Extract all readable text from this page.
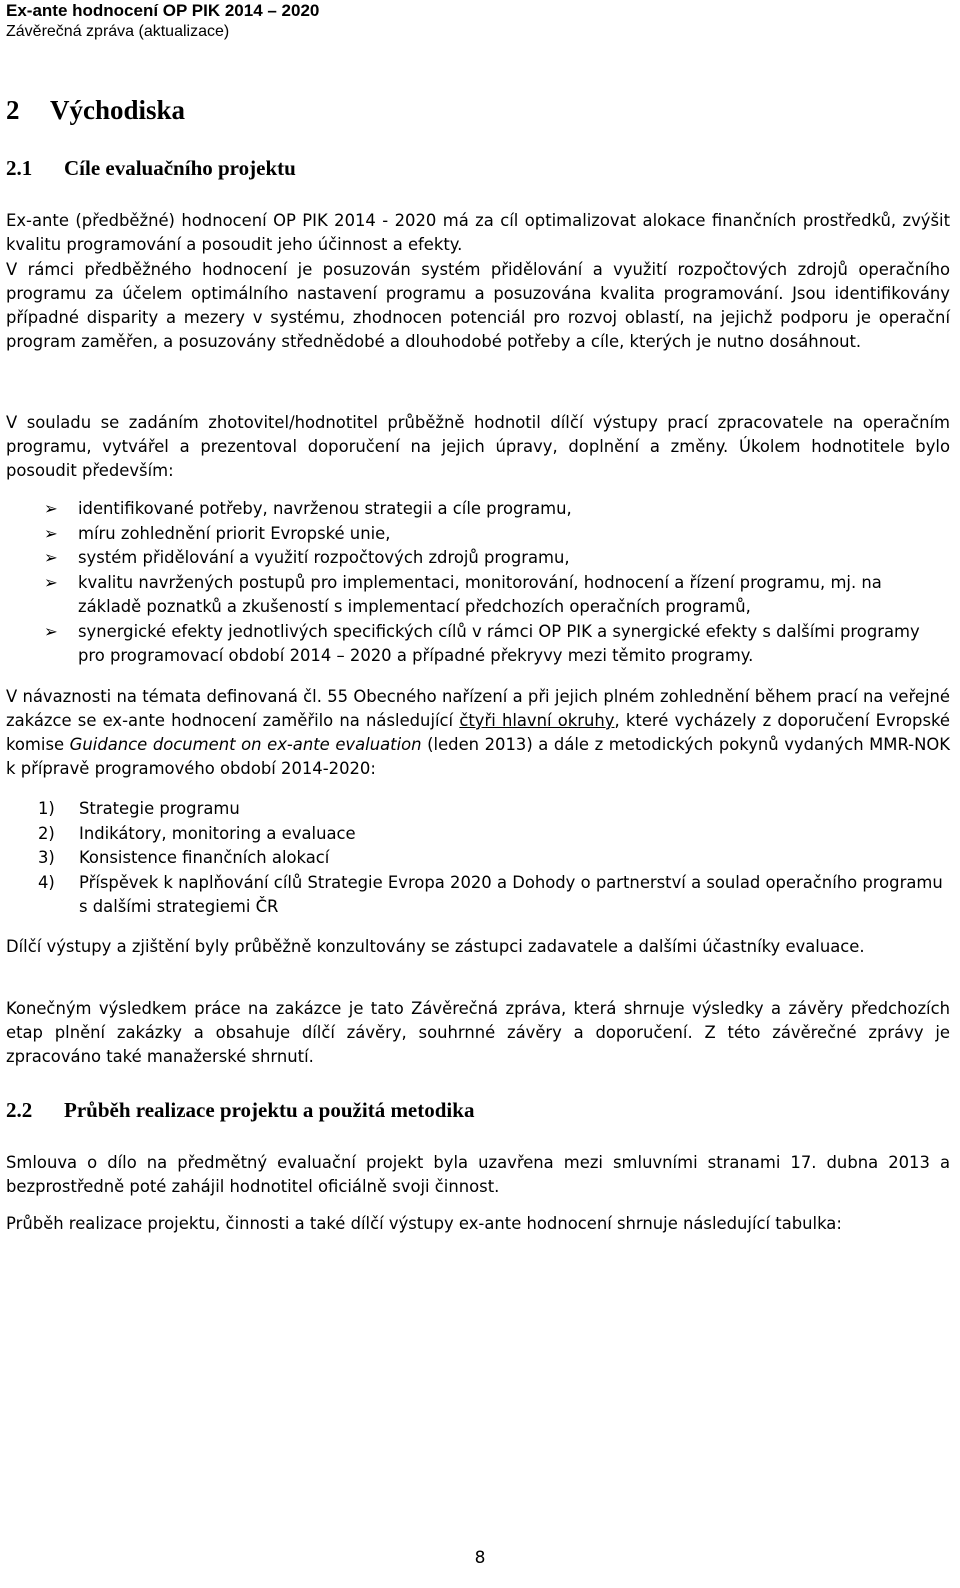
Ex-ante hodnocení OP PIK 2014 – 2020
Závěrečná zpráva (aktualizace)
2 Východiska
2.1 Cíle evaluačního projektu

Ex-ante (předběžné) hodnocení OP PIK 2014 - 2020 má za cíl optimalizovat alokace finančních prostředků, zvýšit kvalitu programování a posoudit jeho účinnost a efekty.

V rámci předběžného hodnocení je posuzován systém přidělování a využití rozpočtových zdrojů operačního programu za účelem optimálního nastavení programu a posuzována kvalita programování. Jsou identifikovány případné disparity a mezery v systému, zhodnocen potenciál pro rozvoj oblastí, na jejichž podporu je operační program zaměřen, a posuzovány střednědobé a dlouhodobé potřeby a cíle, kterých je nutno dosáhnout.

V souladu se zadáním zhotovitel/hodnotitel průběžně hodnotil dílčí výstupy prací zpracovatele na operačním programu, vytvářel a prezentoval doporučení na jejich úpravy, doplnění a změny. Úkolem hodnotitele bylo posoudit především:

➢ identifikované potřeby, navrženou strategii a cíle programu,
➢ míru zohlednění priorit Evropské unie,
➢ systém přidělování a využití rozpočtových zdrojů programu,
➢ kvalitu navržených postupů pro implementaci, monitorování, hodnocení a řízení programu, mj. na základě poznatků a zkušeností s implementací předchozích operačních programů,
➢ synergické efekty jednotlivých specifických cílů v rámci OP PIK a synergické efekty s dalšími programy pro programovací období 2014 – 2020 a případné překryvy mezi těmito programy.

V návaznosti na témata definovaná čl. 55 Obecného nařízení a při jejich plném zohlednění během prací na veřejné zakázce se ex-ante hodnocení zaměřilo na následující čtyři hlavní okruhy, které vycházely z doporučení Evropské komise Guidance document on ex-ante evaluation (leden 2013) a dále z metodických pokynů vydaných MMR-NOK k přípravě programového období 2014-2020:

1) Strategie programu
2) Indikátory, monitoring a evaluace
3) Konsistence finančních alokací
4) Příspěvek k naplňování cílů Strategie Evropa 2020 a Dohody o partnerství a soulad operačního programu s dalšími strategiemi ČR

Dílčí výstupy a zjištění byly průběžně konzultovány se zástupci zadavatele a dalšími účastníky evaluace.

Konečným výsledkem práce na zakázce je tato Závěrečná zpráva, která shrnuje výsledky a závěry předchozích etap plnění zakázky a obsahuje dílčí závěry, souhrnné závěry a doporučení. Z této závěrečné zprávy je zpracováno také manažerské shrnutí.

2.2 Průběh realizace projektu a použitá metodika

Smlouva o dílo na předmětný evaluační projekt byla uzavřena mezi smluvními stranami 17. dubna 2013 a bezprostředně poté zahájil hodnotitel oficiálně svoji činnost.

Průběh realizace projektu, činnosti a také dílčí výstupy ex-ante hodnocení shrnuje následující tabulka:

8
